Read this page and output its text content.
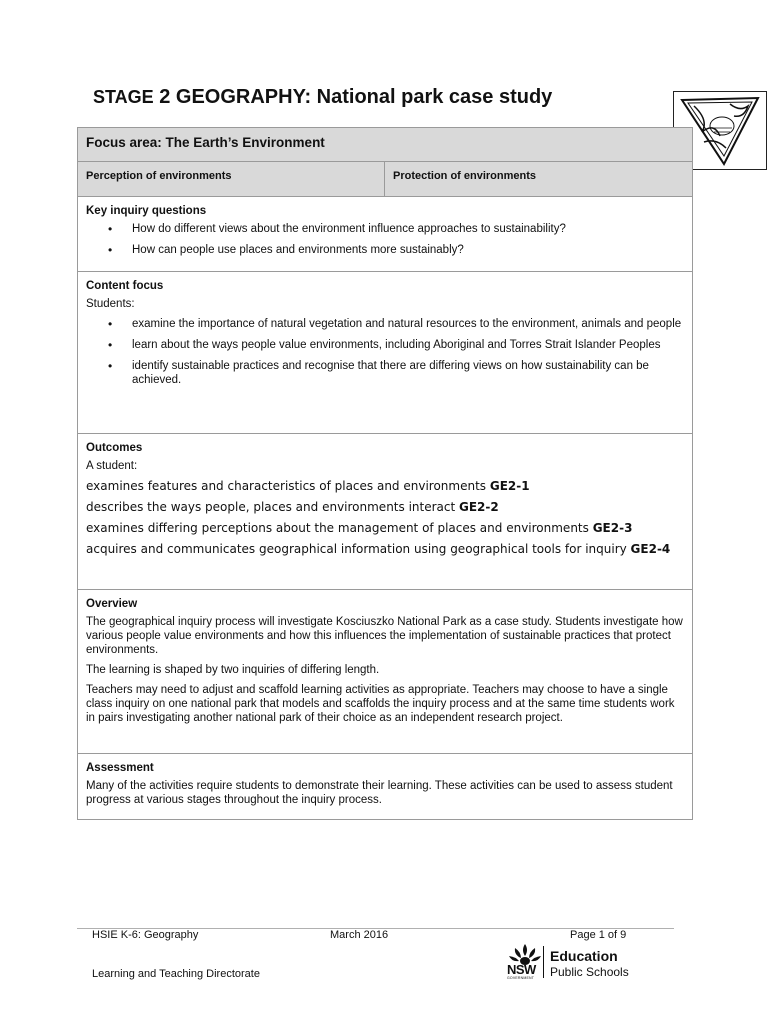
STAGE 2 GEOGRAPHY: National park case study
Focus area: The Earth’s Environment
Perception of environments	Protection of environments

Key inquiry questions
• How do different views about the environment influence approaches to sustainability?
• How can people use places and environments more sustainably?

Content focus

Students:

• examine the importance of natural vegetation and natural resources to the environment, animals and people
• learn about the ways people value environments, including Aboriginal and Torres Strait Islander Peoples
• identify sustainable practices and recognise that there are differing views on how sustainability can be achieved.

Outcomes

A student:

examines features and characteristics of places and environments GE2-1

describes the ways people, places and environments interact GE2-2

examines differing perceptions about the management of places and environments GE2-3

acquires and communicates geographical information using geographical tools for inquiry GE2-4

Overview

The geographical inquiry process will investigate Kosciuszko National Park as a case study. Students investigate how various people value environments and how this influences the implementation of sustainable practices that protect environments.

The learning is shaped by two inquiries of differing length.

Teachers may need to adjust and scaffold learning activities as appropriate. Teachers may choose to have a single class inquiry on one national park that models and scaffolds the inquiry process and at the same time students work in pairs investigating another national park of their choice as an independent research project.

Assessment

Many of the activities require students to demonstrate their learning. These activities can be used to assess student progress at various stages throughout the inquiry process.

HSIE K-6: Geography	March 2016	Page 1 of 9
Learning and Teaching Directorate	NSW
GOVERNMENT
Education
Public Schools
